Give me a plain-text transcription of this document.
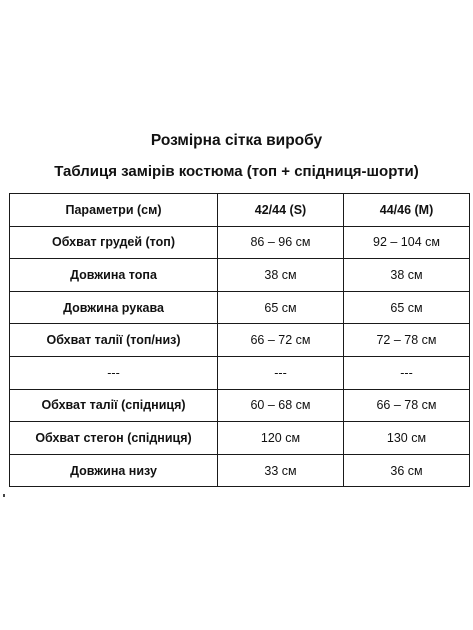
Розмірна сітка виробу
Таблиця замірів костюма (топ + спідниця-шорти)
Параметри (см)	42/44 (S)	44/46 (M)
Обхват грудей (топ)	86 – 96 см	92 – 104 см
Довжина топа	38 см	38 см
Довжина рукава	65 см	65 см
Обхват талії (топ/низ)	66 – 72 см	72 – 78 см
---	---	---
Обхват талії (спідниця)	60 – 68 см	66 – 78 см
Обхват стегон (спідниця)	120 см	130 см
Довжина низу	33 см	36 см
